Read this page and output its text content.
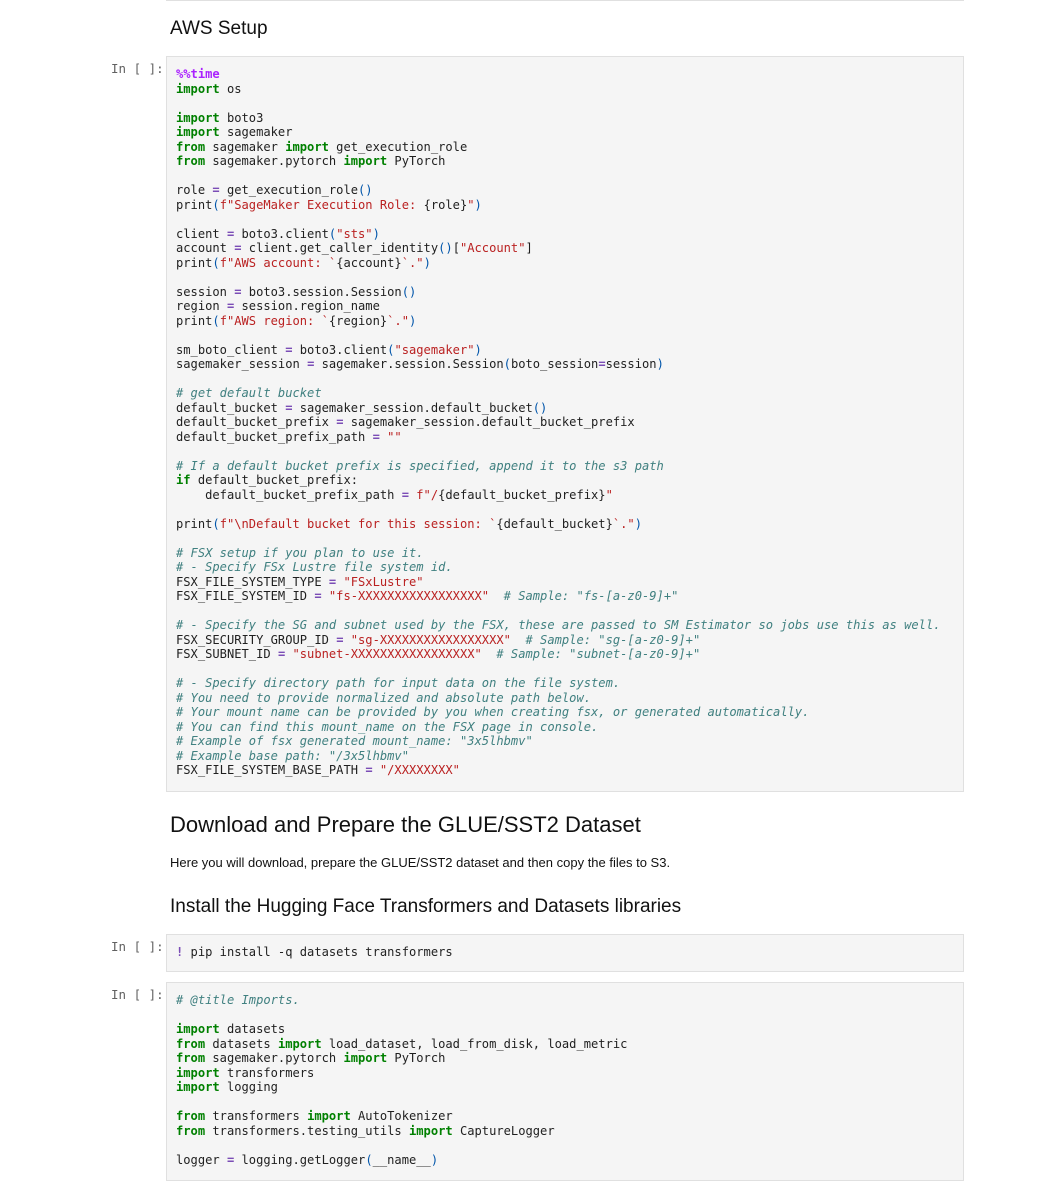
AWS Setup
In [ ]:	%%time
import os

import boto3
import sagemaker
from sagemaker import get_execution_role
from sagemaker.pytorch import PyTorch

role = get_execution_role()
print(f"SageMaker Execution Role: {role}")

client = boto3.client("sts")
account = client.get_caller_identity()["Account"]
print(f"AWS account: `{account}`.")

session = boto3.session.Session()
region = session.region_name
print(f"AWS region: `{region}`.")

sm_boto_client = boto3.client("sagemaker")
sagemaker_session = sagemaker.session.Session(boto_session=session)

# get default bucket
default_bucket = sagemaker_session.default_bucket()
default_bucket_prefix = sagemaker_session.default_bucket_prefix
default_bucket_prefix_path = ""

# If a default bucket prefix is specified, append it to the s3 path
if default_bucket_prefix:
default_bucket_prefix_path = f"/{default_bucket_prefix}"

print(f"\nDefault bucket for this session: `{default_bucket}`.")

# FSX setup if you plan to use it.
# - Specify FSx Lustre file system id.
FSX_FILE_SYSTEM_TYPE = "FSxLustre"
FSX_FILE_SYSTEM_ID = "fs-XXXXXXXXXXXXXXXXX" # Sample: "fs-[a-z0-9]+"

# - Specify the SG and subnet used by the FSX, these are passed to SM Estimator so jobs use this as well.
FSX_SECURITY_GROUP_ID = "sg-XXXXXXXXXXXXXXXXX" # Sample: "sg-[a-z0-9]+"
FSX_SUBNET_ID = "subnet-XXXXXXXXXXXXXXXXX" # Sample: "subnet-[a-z0-9]+"

# - Specify directory path for input data on the file system.
# You need to provide normalized and absolute path below.
# Your mount name can be provided by you when creating fsx, or generated automatically.
# You can find this mount_name on the FSX page in console.
# Example of fsx generated mount_name: "3x5lhbmv"
# Example base path: "/3x5lhbmv"
FSX_FILE_SYSTEM_BASE_PATH = "/XXXXXXXX"
Download and Prepare the GLUE/SST2 Dataset

Here you will download, prepare the GLUE/SST2 dataset and then copy the files to S3.

Install the Hugging Face Transformers and Datasets libraries
In [ ]:	! pip install -q datasets transformers
In [ ]:	# @title Imports.

import datasets
from datasets import load_dataset, load_from_disk, load_metric
from sagemaker.pytorch import PyTorch
import transformers
import logging

from transformers import AutoTokenizer
from transformers.testing_utils import CaptureLogger

logger = logging.getLogger(__name__)
